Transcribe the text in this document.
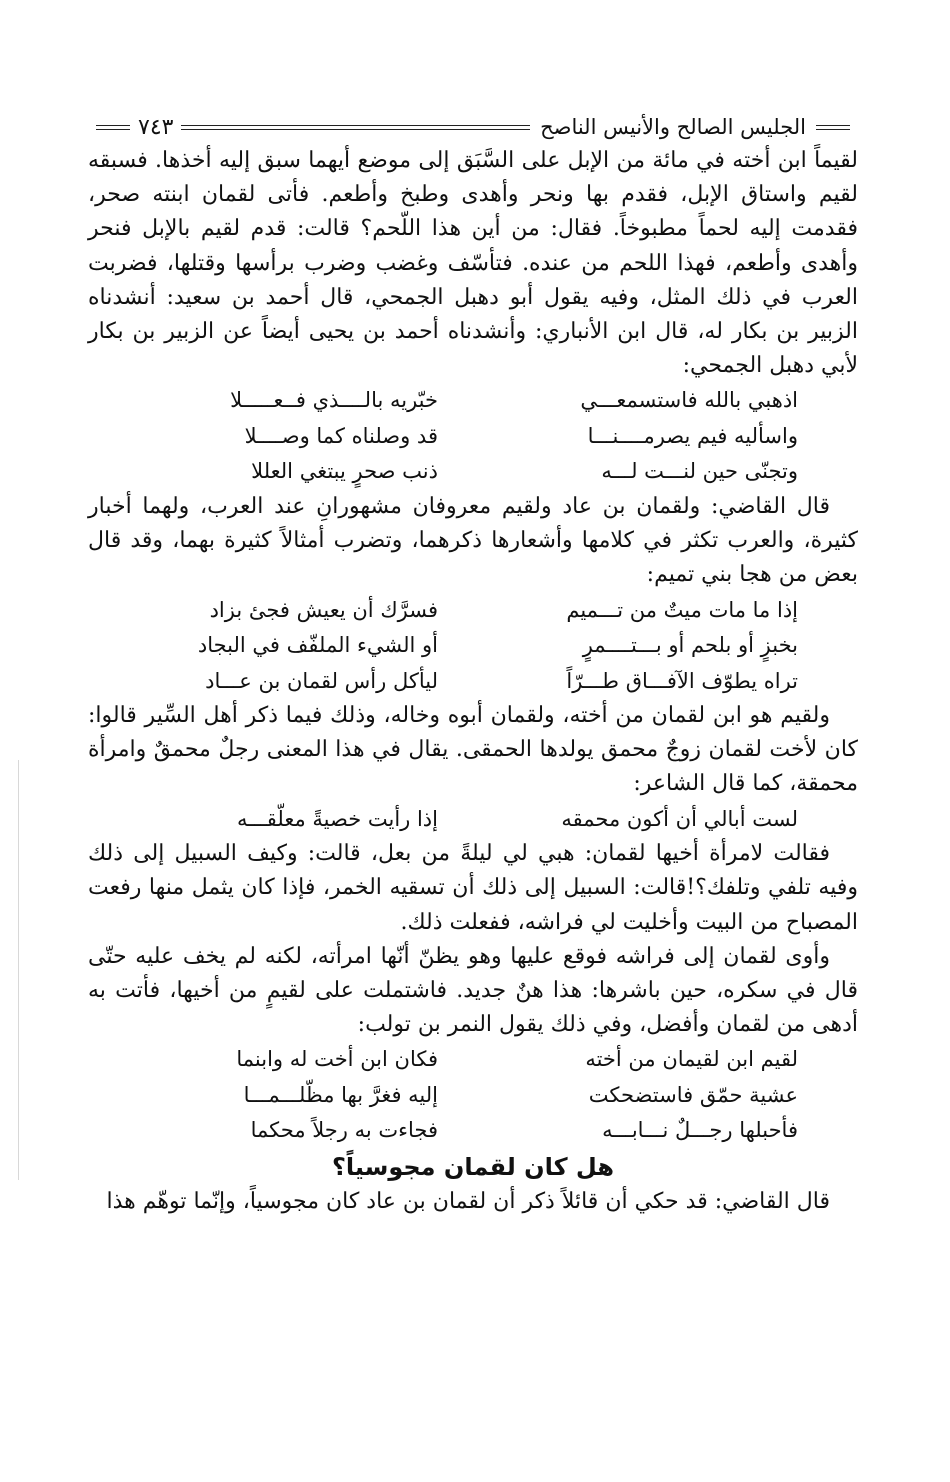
الجليس الصالح والأنيس الناصح
٧٤٣

لقيماً ابن أخته في مائة من الإبل على السَّبَق إلى موضع أيهما سبق إليه أخذها. فسبقه لقيم واستاق الإبل، فقدم بها ونحر وأهدى وطبخ وأطعم. فأتى لقمان ابنته صحر، فقدمت إليه لحماً مطبوخاً. فقال: من أين هذا اللّحم؟ قالت: قدم لقيم بالإبل فنحر وأهدى وأطعم، فهذا اللحم من عنده. فتأسّف وغضب وضرب برأسها وقتلها، فضربت العرب في ذلك المثل، وفيه يقول أبو دهبل الجمحي، قال أحمد بن سعيد: أنشدناه الزبير بن بكار له، قال ابن الأنباري: وأنشدناه أحمد بن يحيى أيضاً عن الزبير بن بكار لأبي دهبل الجمحي:

اذهبي بالله فاستسمعـــي
خبّريه بالــــذي فــعـــــلا
واسأليه فيم يصرمــــنـــا
قد وصلناه كما وصــــلا
وتجنّى حين لنـــت لـــه
ذنب صحرٍ يبتغي العللا

قال القاضي: ولقمان بن عاد ولقيم معروفان مشهورانِ عند العرب، ولهما أخبار كثيرة، والعرب تكثر في كلامها وأشعارها ذكرهما، وتضرب أمثالاً كثيرة بهما، وقد قال بعض من هجا بني تميم:

إذا ما مات ميتٌ من تـــميم
فسرَّك أن يعيش فجئ بزاد
بخبزٍ أو بلحم أو بـــتــــمرٍ
أو الشيء الملفّف في البجاد
تراه يطوّف الآفـــاق طـــرّاً
ليأكل رأس لقمان بن عـــاد

ولقيم هو ابن لقمان من أخته، ولقمان أبوه وخاله، وذلك فيما ذكر أهل السِّير قالوا: كان لأخت لقمان زوجٌ محمق يولدها الحمقى. يقال في هذا المعنى رجلٌ محمقٌ وامرأة محمقة، كما قال الشاعر:

لست أبالي أن أكون محمقه
إذا رأيت خصيةً معلّقـــه

فقالت لامرأة أخيها لقمان: هبي لي ليلةً من بعل، قالت: وكيف السبيل إلى ذلك وفيه تلفي وتلفك؟!قالت: السبيل إلى ذلك أن تسقيه الخمر، فإذا كان يثمل منها رفعت المصباح من البيت وأخليت لي فراشه، ففعلت ذلك.

وأوى لقمان إلى فراشه فوقع عليها وهو يظنّ أنّها امرأته، لكنه لم يخف عليه حتّى قال في سكره، حين باشرها: هذا هنٌ جديد. فاشتملت على لقيمٍ من أخيها، فأتت به أدهى من لقمان وأفضل، وفي ذلك يقول النمر بن تولب:

لقيم ابن لقيمان من أخته
فكان ابن أخت له وابنما
عشية حمّق فاستضحكت
إليه فغرَّ بها مظّلـــمـــا
فأحبلها رجـــلٌ نـــابـــه
فجاءت به رجلاً محكما
هل كان لقمان مجوسياً؟

قال القاضي: قد حكي أن قائلاً ذكر أن لقمان بن عاد كان مجوسياً، وإنّما توهّم هذا
